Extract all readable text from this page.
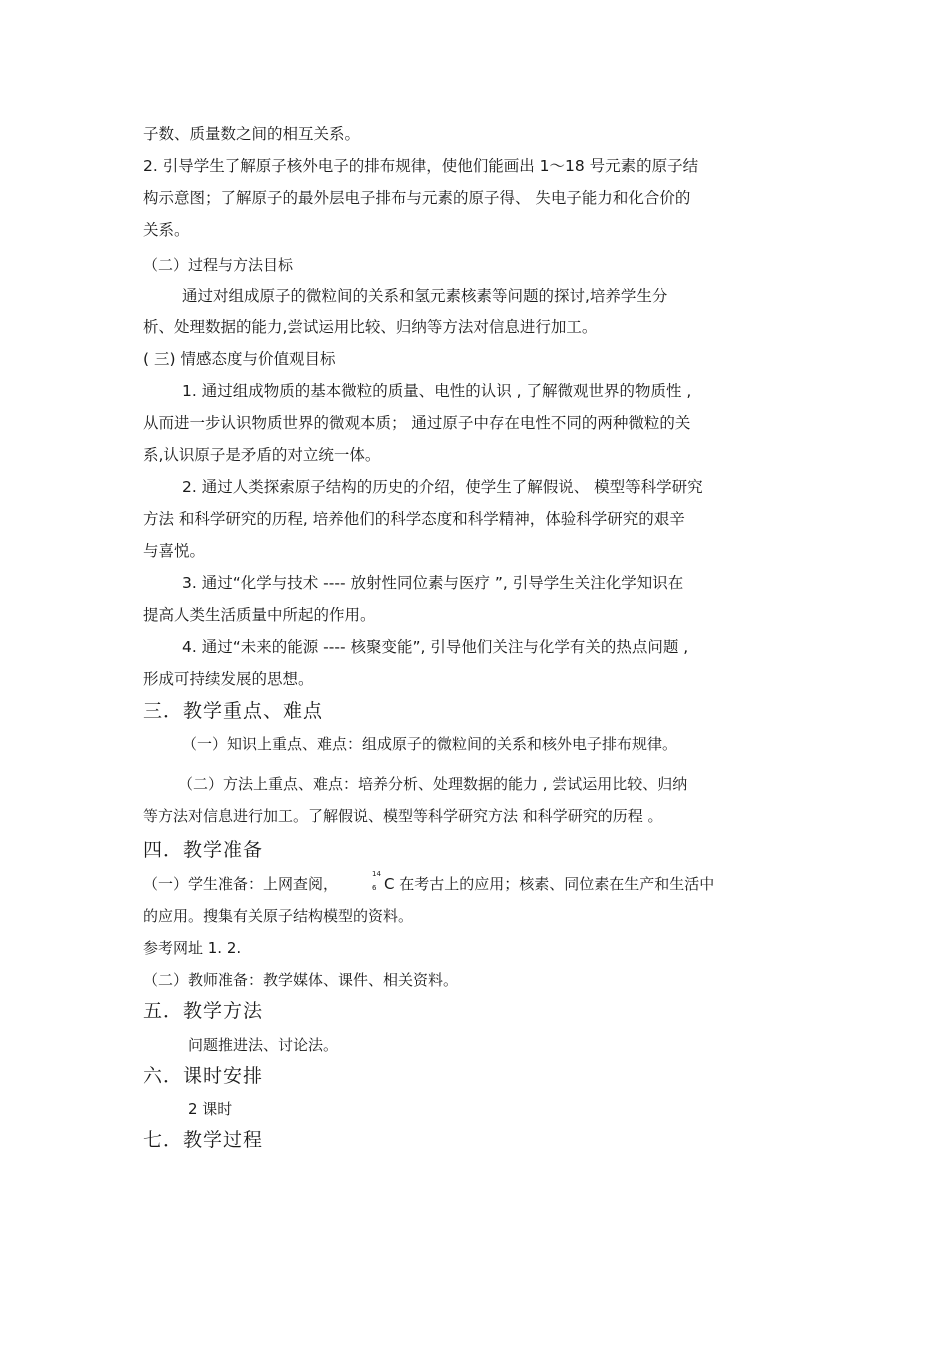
子数、质量数之间的相互关系。
2. 引导学生了解原子核外电子的排布规律，使他们能画出 1～18 号元素的原子结
构示意图；了解原子的最外层电子排布与元素的原子得、 失电子能力和化合价的
关系。
（二）过程与方法目标
通过对组成原子的微粒间的关系和氢元素核素等问题的探讨,培养学生分
析、处理数据的能力,尝试运用比较、归纳等方法对信息进行加工。
( 三) 情感态度与价值观目标
1. 通过组成物质的基本微粒的质量、电性的认识 , 了解微观世界的物质性 ,
从而进一步认识物质世界的微观本质； 通过原子中存在电性不同的两种微粒的关
系,认识原子是矛盾的对立统一体。
2. 通过人类探索原子结构的历史的介绍，使学生了解假说、 模型等科学研究
方法 和科学研究的历程, 培养他们的科学态度和科学精神，体验科学研究的艰辛
与喜悦。
3. 通过“化学与技术 ---- 放射性同位素与医疗 ”, 引导学生关注化学知识在
提高人类生活质量中所起的作用。
4. 通过“未来的能源 ---- 核聚变能”, 引导他们关注与化学有关的热点问题 ,
形成可持续发展的思想。
三．教学重点、难点
（一）知识上重点、难点：组成原子的微粒间的关系和核外电子排布规律。
（二）方法上重点、难点：培养分析、处理数据的能力 , 尝试运用比较、归纳
等方法对信息进行加工。了解假说、模型等科学研究方法 和科学研究的历程 。
四．教学准备
（一）学生准备：上网查阅，
14
6 C 在考古上的应用；核素、同位素在生产和生活中
的应用。搜集有关原子结构模型的资料。
参考网址 1. 2.
（二）教师准备：教学媒体、课件、相关资料。
五．教学方法
问题推进法、讨论法。
六．课时安排
2 课时
七．教学过程
